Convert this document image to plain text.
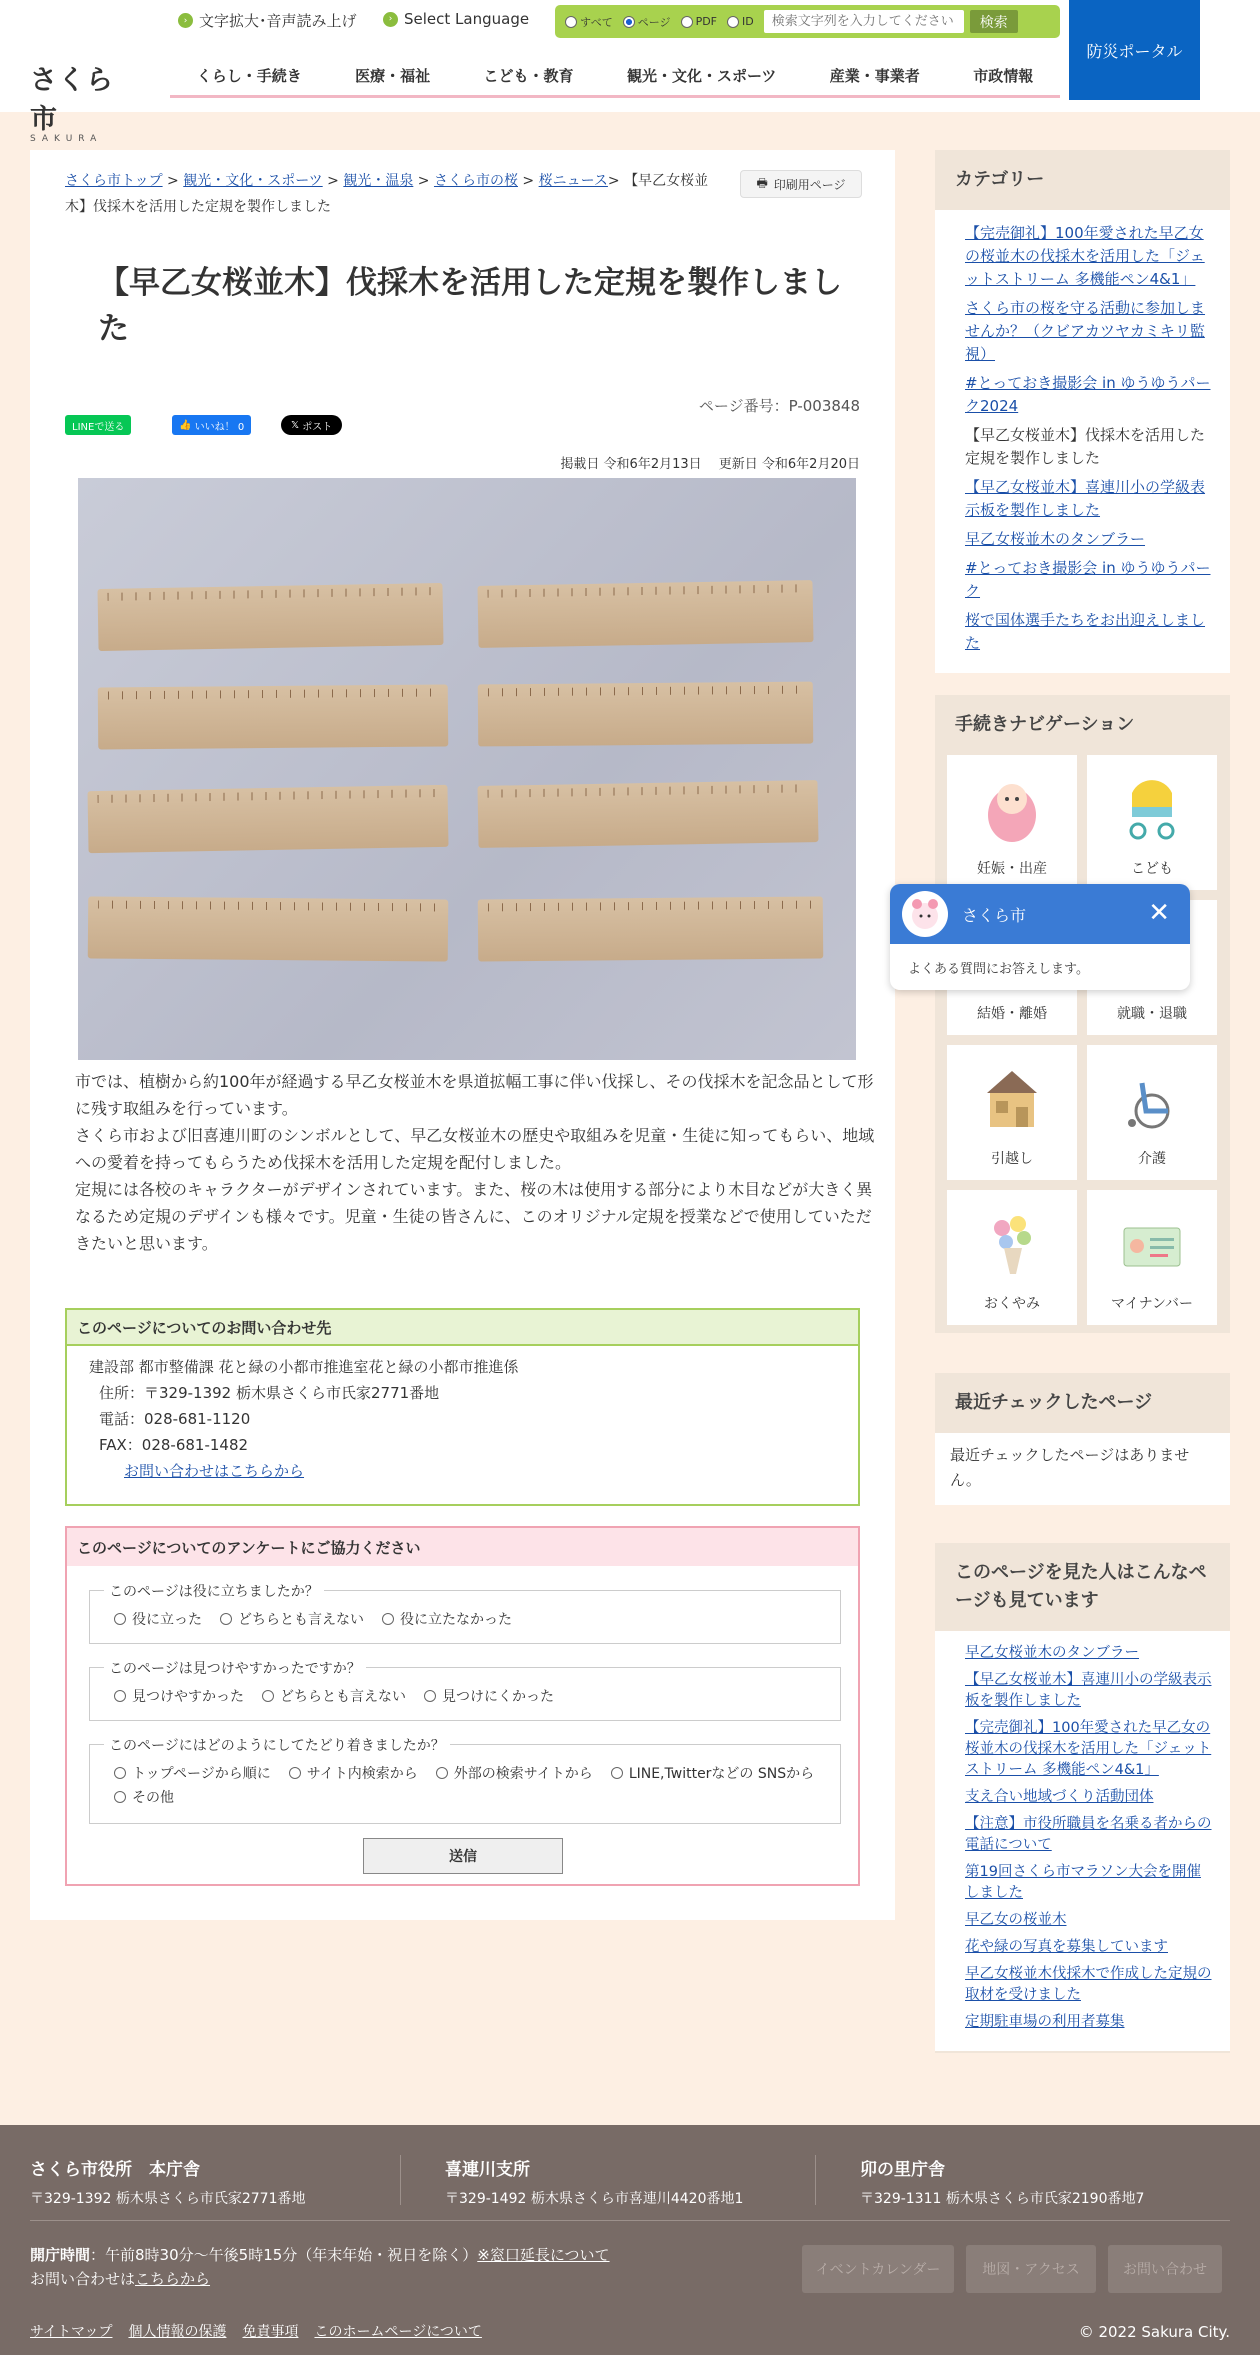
さくら市
SAKURA
› 文字拡大･音声読み上げ	› Select Language	すべて ページ PDF ID
検索文字列を入力してください	検索
防災ポータル
くらし・手続き	医療・福祉	こども・教育	観光・文化・スポーツ	産業・事業者	市政情報
さくら市トップ > 観光・文化・スポーツ > 観光・温泉 > さくら市の桜 > 桜ニュース> 【早乙女桜並木】伐採木を活用した定規を製作しました
🖶 印刷用ページ
【早乙女桜並木】伐採木を活用した定規を製作しました
ページ番号：P-003848
LINEで送る	👍 いいね！ 0	𝕏 ポスト
掲載日 令和6年2月13日　 更新日 令和6年2月20日

市では、植樹から約100年が経過する早乙女桜並木を県道拡幅工事に伴い伐採し、その伐採木を記念品として形に残す取組みを行っています。

さくら市および旧喜連川町のシンボルとして、早乙女桜並木の歴史や取組みを児童・生徒に知ってもらい、地域への愛着を持ってもらうため伐採木を活用した定規を配付しました。

定規には各校のキャラクターがデザインされています。また、桜の木は使用する部分により木目などが大きく異なるため定規のデザインも様々です。児童・生徒の皆さんに、このオリジナル定規を授業などで使用していただきたいと思います。

このページについてのお問い合わせ先
建設部 都市整備課 花と緑の小都市推進室花と緑の小都市推進係
住所：〒329-1392 栃木県さくら市氏家2771番地
電話：028-681-1120
FAX：028-681-1482
お問い合わせはこちらから
このページについてのアンケートにご協力ください
このページは役に立ちましたか？
役に立った	どちらとも言えない	役に立たなかった
このページは見つけやすかったですか？
見つけやすかった	どちらとも言えない	見つけにくかった
このページにはどのようにしてたどり着きましたか？
トップページから順に	サイト内検索から	外部の検索サイトから	LINE,Twitterなどの SNSから
その他
送信
カテゴリー
【完売御礼】100年愛された早乙女の桜並木の伐採木を活用した「ジェットストリーム 多機能ペン4&1」
さくら市の桜を守る活動に参加しませんか？（クビアカツヤカミキリ監視）
#とっておき撮影会 in ゆうゆうパーク2024
【早乙女桜並木】伐採木を活用した定規を製作しました
【早乙女桜並木】喜連川小の学級表示板を製作しました
早乙女桜並木のタンブラー
#とっておき撮影会 in ゆうゆうパーク
桜で国体選手たちをお出迎えしました
手続きナビゲーション
妊娠・出産	こども
結婚・離婚	就職・退職
引越し	介護
おくやみ	マイナンバー
最近チェックしたページ
最近チェックしたページはありません。
このページを見た人はこんなページも見ています
早乙女桜並木のタンブラー
【早乙女桜並木】喜連川小の学級表示板を製作しました
【完売御礼】100年愛された早乙女の桜並木の伐採木を活用した「ジェットストリーム 多機能ペン4&1」
支え合い地域づくり活動団体
【注意】市役所職員を名乗る者からの電話について
第19回さくら市マラソン大会を開催しました
早乙女の桜並木
花や緑の写真を募集しています
早乙女桜並木伐採木で作成した定規の取材を受けました
定期駐車場の利用者募集
さくら市	✕
よくある質問にお答えします。
さくら市役所　本庁舎
〒329-1392 栃木県さくら市氏家2771番地
喜連川支所
〒329-1492 栃木県さくら市喜連川4420番地1
卯の里庁舎
〒329-1311 栃木県さくら市氏家2190番地7
開庁時間：午前8時30分〜午後5時15分（年末年始・祝日を除く）※窓口延長について
お問い合わせはこちらから	イベントカレンダー	地図・アクセス	お問い合わせ
サイトマップ 個人情報の保護 免責事項 このホームページについて	© 2022 Sakura City.
